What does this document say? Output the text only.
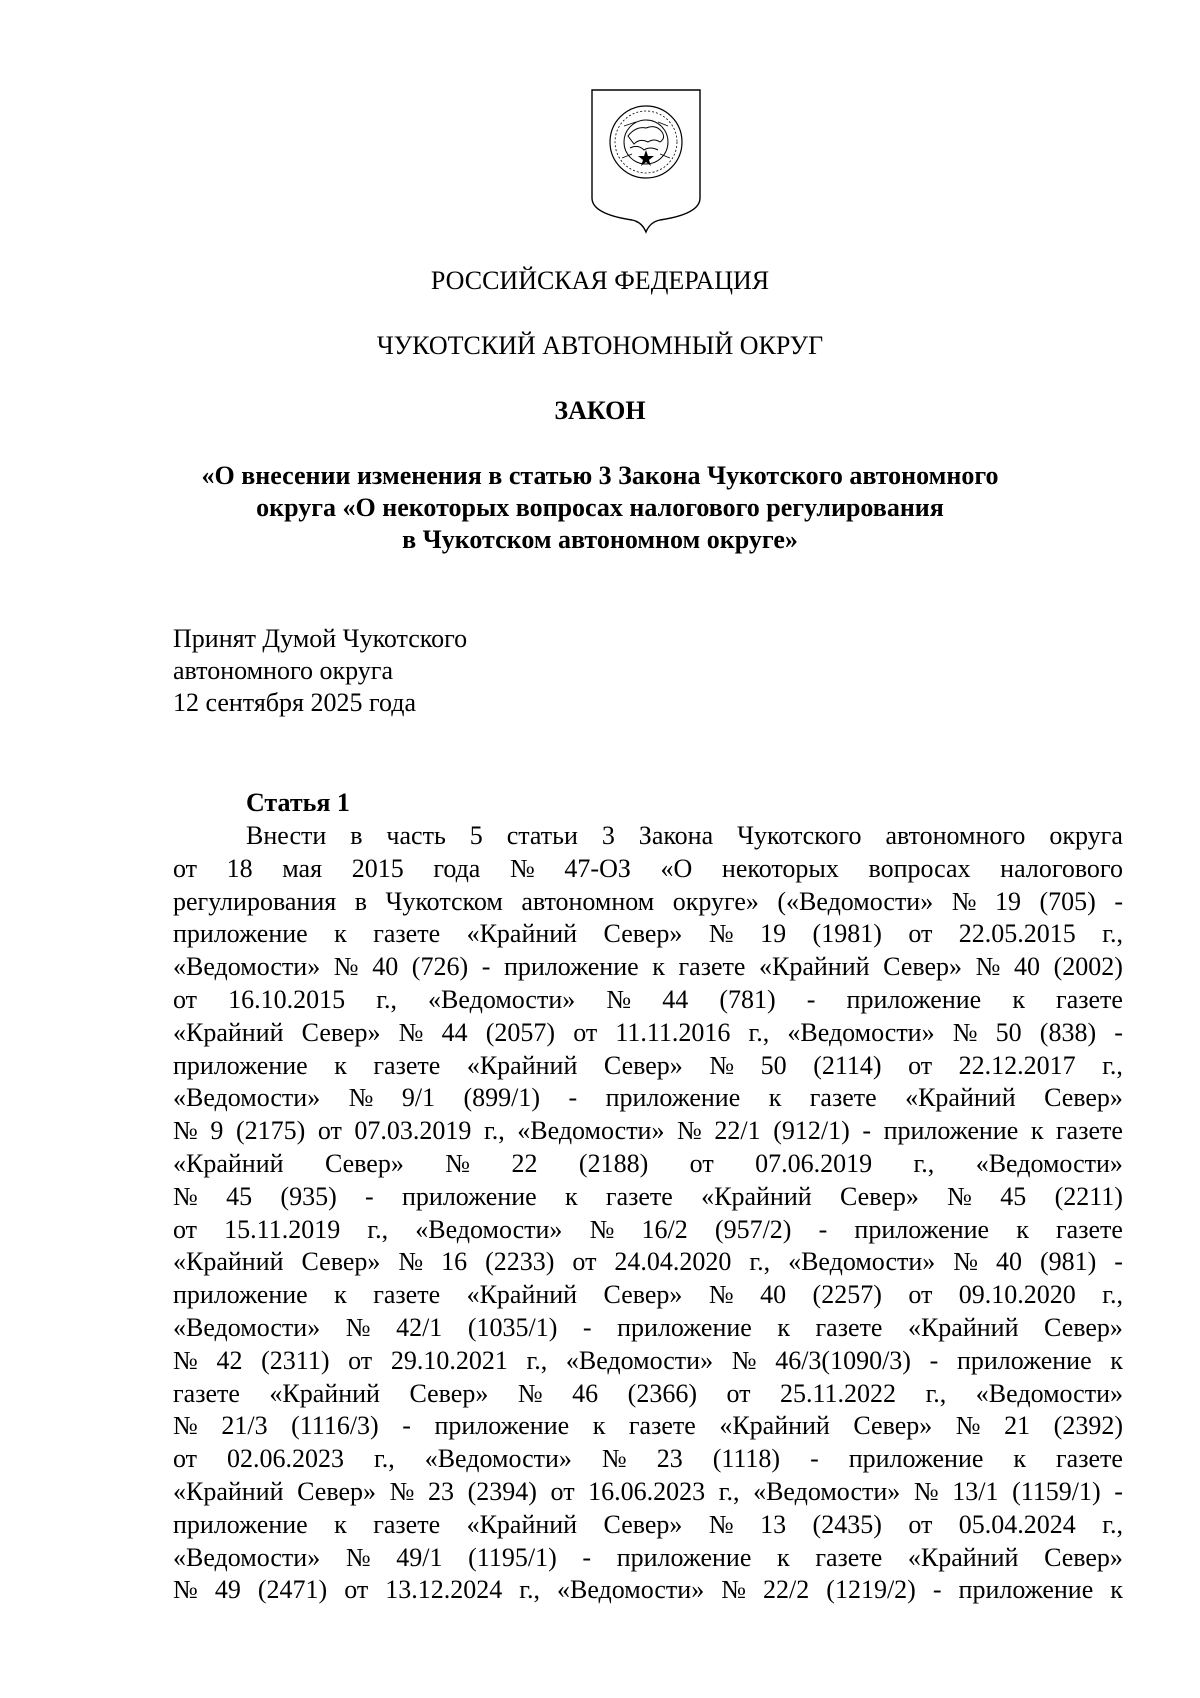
РОССИЙСКАЯ ФЕДЕРАЦИЯ
ЧУКОТСКИЙ АВТОНОМНЫЙ ОКРУГ
ЗАКОН
«О внесении изменения в статью 3 Закона Чукотского автономного
округа «О некоторых вопросах налогового регулирования
в Чукотском автономном округе»
Принят Думой Чукотского
автономного округа
12 сентября 2025 года
Статья 1
Внести в часть 5 статьи 3 Закона Чукотского автономного округа
от 18 мая 2015 года № 47-ОЗ «О некоторых вопросах налогового
регулирования в Чукотском автономном округе» («Ведомости» № 19 (705) -
приложение к газете «Крайний Север» № 19 (1981) от 22.05.2015 г.,
«Ведомости» № 40 (726) - приложение к газете «Крайний Север» № 40 (2002)
от 16.10.2015 г., «Ведомости» № 44 (781) - приложение к газете
«Крайний Север» № 44 (2057) от 11.11.2016 г., «Ведомости» № 50 (838) -
приложение к газете «Крайний Север» № 50 (2114) от 22.12.2017 г.,
«Ведомости» № 9/1 (899/1) - приложение к газете «Крайний Север»
№ 9 (2175) от 07.03.2019 г., «Ведомости» № 22/1 (912/1) - приложение к газете
«Крайний Север» № 22 (2188) от 07.06.2019 г., «Ведомости»
№ 45 (935) - приложение к газете «Крайний Север» № 45 (2211)
от 15.11.2019 г., «Ведомости» № 16/2 (957/2) - приложение к газете
«Крайний Север» № 16 (2233) от 24.04.2020 г., «Ведомости» № 40 (981) -
приложение к газете «Крайний Север» № 40 (2257) от 09.10.2020 г.,
«Ведомости» № 42/1 (1035/1) - приложение к газете «Крайний Север»
№ 42 (2311) от 29.10.2021 г., «Ведомости» № 46/3(1090/3) - приложение к
газете «Крайний Север» № 46 (2366) от 25.11.2022 г., «Ведомости»
№ 21/3 (1116/3) - приложение к газете «Крайний Север» № 21 (2392)
от 02.06.2023 г., «Ведомости» № 23 (1118) - приложение к газете
«Крайний Север» № 23 (2394) от 16.06.2023 г., «Ведомости» № 13/1 (1159/1) -
приложение к газете «Крайний Север» № 13 (2435) от 05.04.2024 г.,
«Ведомости» № 49/1 (1195/1) - приложение к газете «Крайний Север»
№ 49 (2471) от 13.12.2024 г., «Ведомости» № 22/2 (1219/2) - приложение к
